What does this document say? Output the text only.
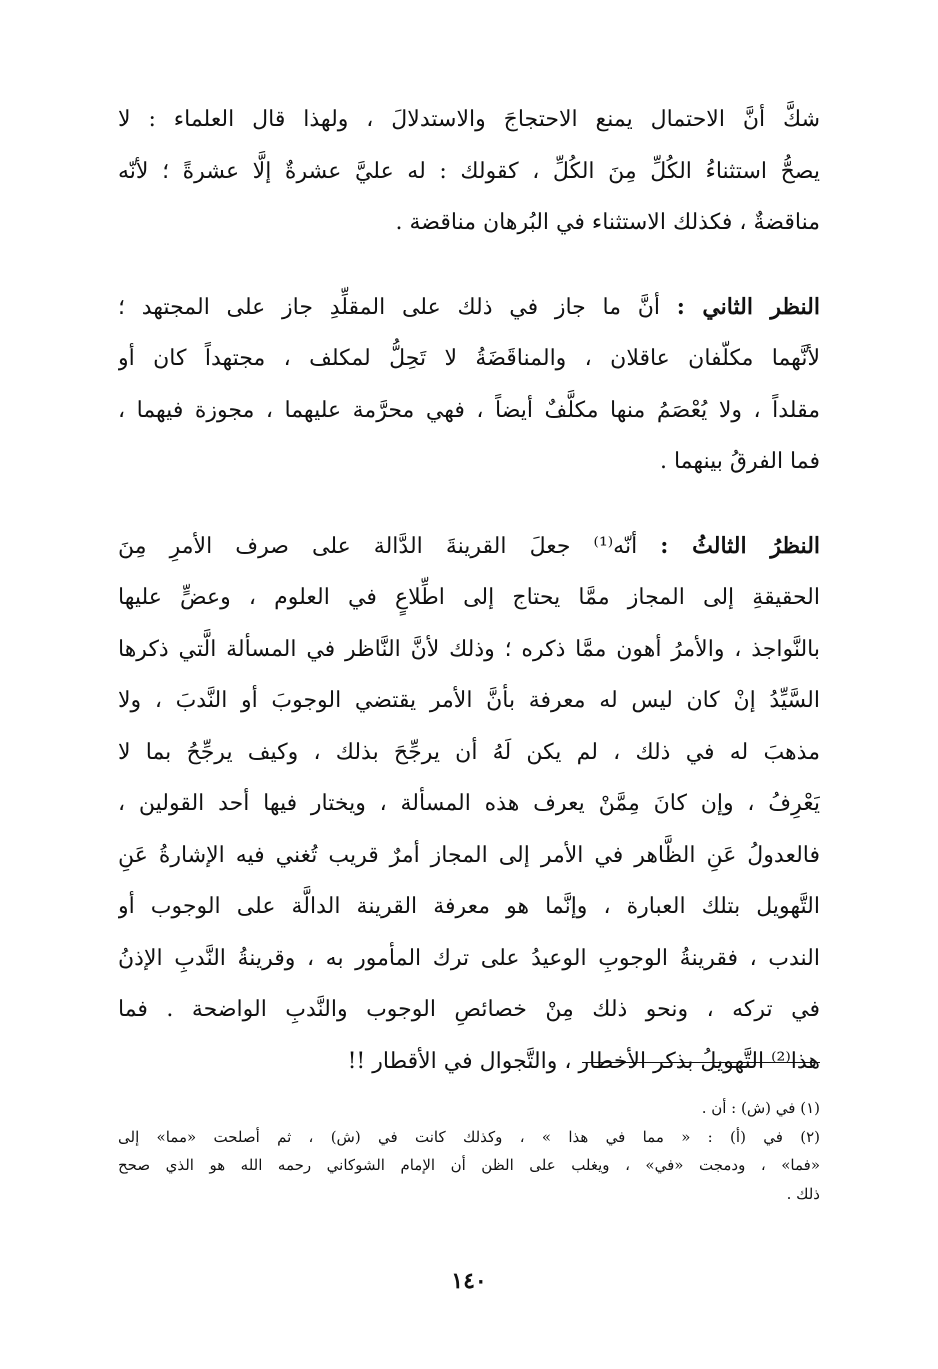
شكَّ أنَّ الاحتمال يمنع الاحتجاجَ والاستدلالَ ، ولهذا قال العلماء : لا
يصحُّ استثناءُ الكُلِّ مِنَ الكُلِّ ، كقولك : له عليَّ عشرةٌ إلَّا عشرةً ؛ لأنّه
مناقضةٌ ، فكذلك الاستثناء في البُرهان مناقضة .
النظر الثاني : أنَّ ما جاز في ذلك على المقلِّدِ جاز على المجتهد ؛
لأنَّهما مكلّفان عاقلان ، والمناقَضَةُ لا تَحِلُّ لمكلف ، مجتهداً كان أو
مقلداً ، ولا يُعْصَمُ منها مكلَّفٌ أيضاً ، فهي محرَّمة عليهما ، مجوزة فيهما ،
فما الفرقُ بينهما .
النظرُ الثالثُ : أنّه⁽¹⁾ جعلَ القرينةَ الدَّالة على صرف الأمرِ مِنَ
الحقيقةِ إلى المجاز ممَّا يحتاج إلى اطِّلاعٍ في العلوم ، وعضٍّ عليها
بالنَّواجذ ، والأمرُ أهون ممَّا ذكره ؛ وذلك لأنَّ النَّاظر في المسألة الَّتي ذكرها
السَّيِّدُ إنْ كان ليس له معرفة بأنَّ الأمر يقتضي الوجوبَ أو النَّدبَ ، ولا
مذهبَ له في ذلك ، لم يكن لَهُ أن يرجِّحَ بذلك ، وكيف يرجِّحُ بما لا
يَعْرِفُ ، وإن كانَ مِمَّنْ يعرف هذه المسألة ، ويختار فيها أحد القولين ،
فالعدولُ عَنِ الظَّاهر في الأمر إلى المجاز أمرٌ قريب تُغني فيه الإشارةُ عَنِ
التَّهويل بتلك العبارة ، وإنَّما هو معرفة القرينة الدالَّة على الوجوب أو
الندب ، فقرينةُ الوجوبِ الوعيدُ على ترك المأمور به ، وقرينةُ النَّدبِ الإذنُ
في تركه ، ونحو ذلك مِنْ خصائصِ الوجوب والنَّدبِ الواضحة . فما
هذا⁽²⁾ التَّهويلُ بذكر الأخطار ، والتَّجوال في الأقطار !!
(١) في (ش) : أن .
(٢) في (أ) : « مما في هذا » ، وكذلك كانت في (ش) ، ثم أصلحت «مما» إلى
«فما» ، ودمجت «في» ، ويغلب على الظن أن الإمام الشوكاني رحمه الله هو الذي صحح
ذلك .
١٤٠
